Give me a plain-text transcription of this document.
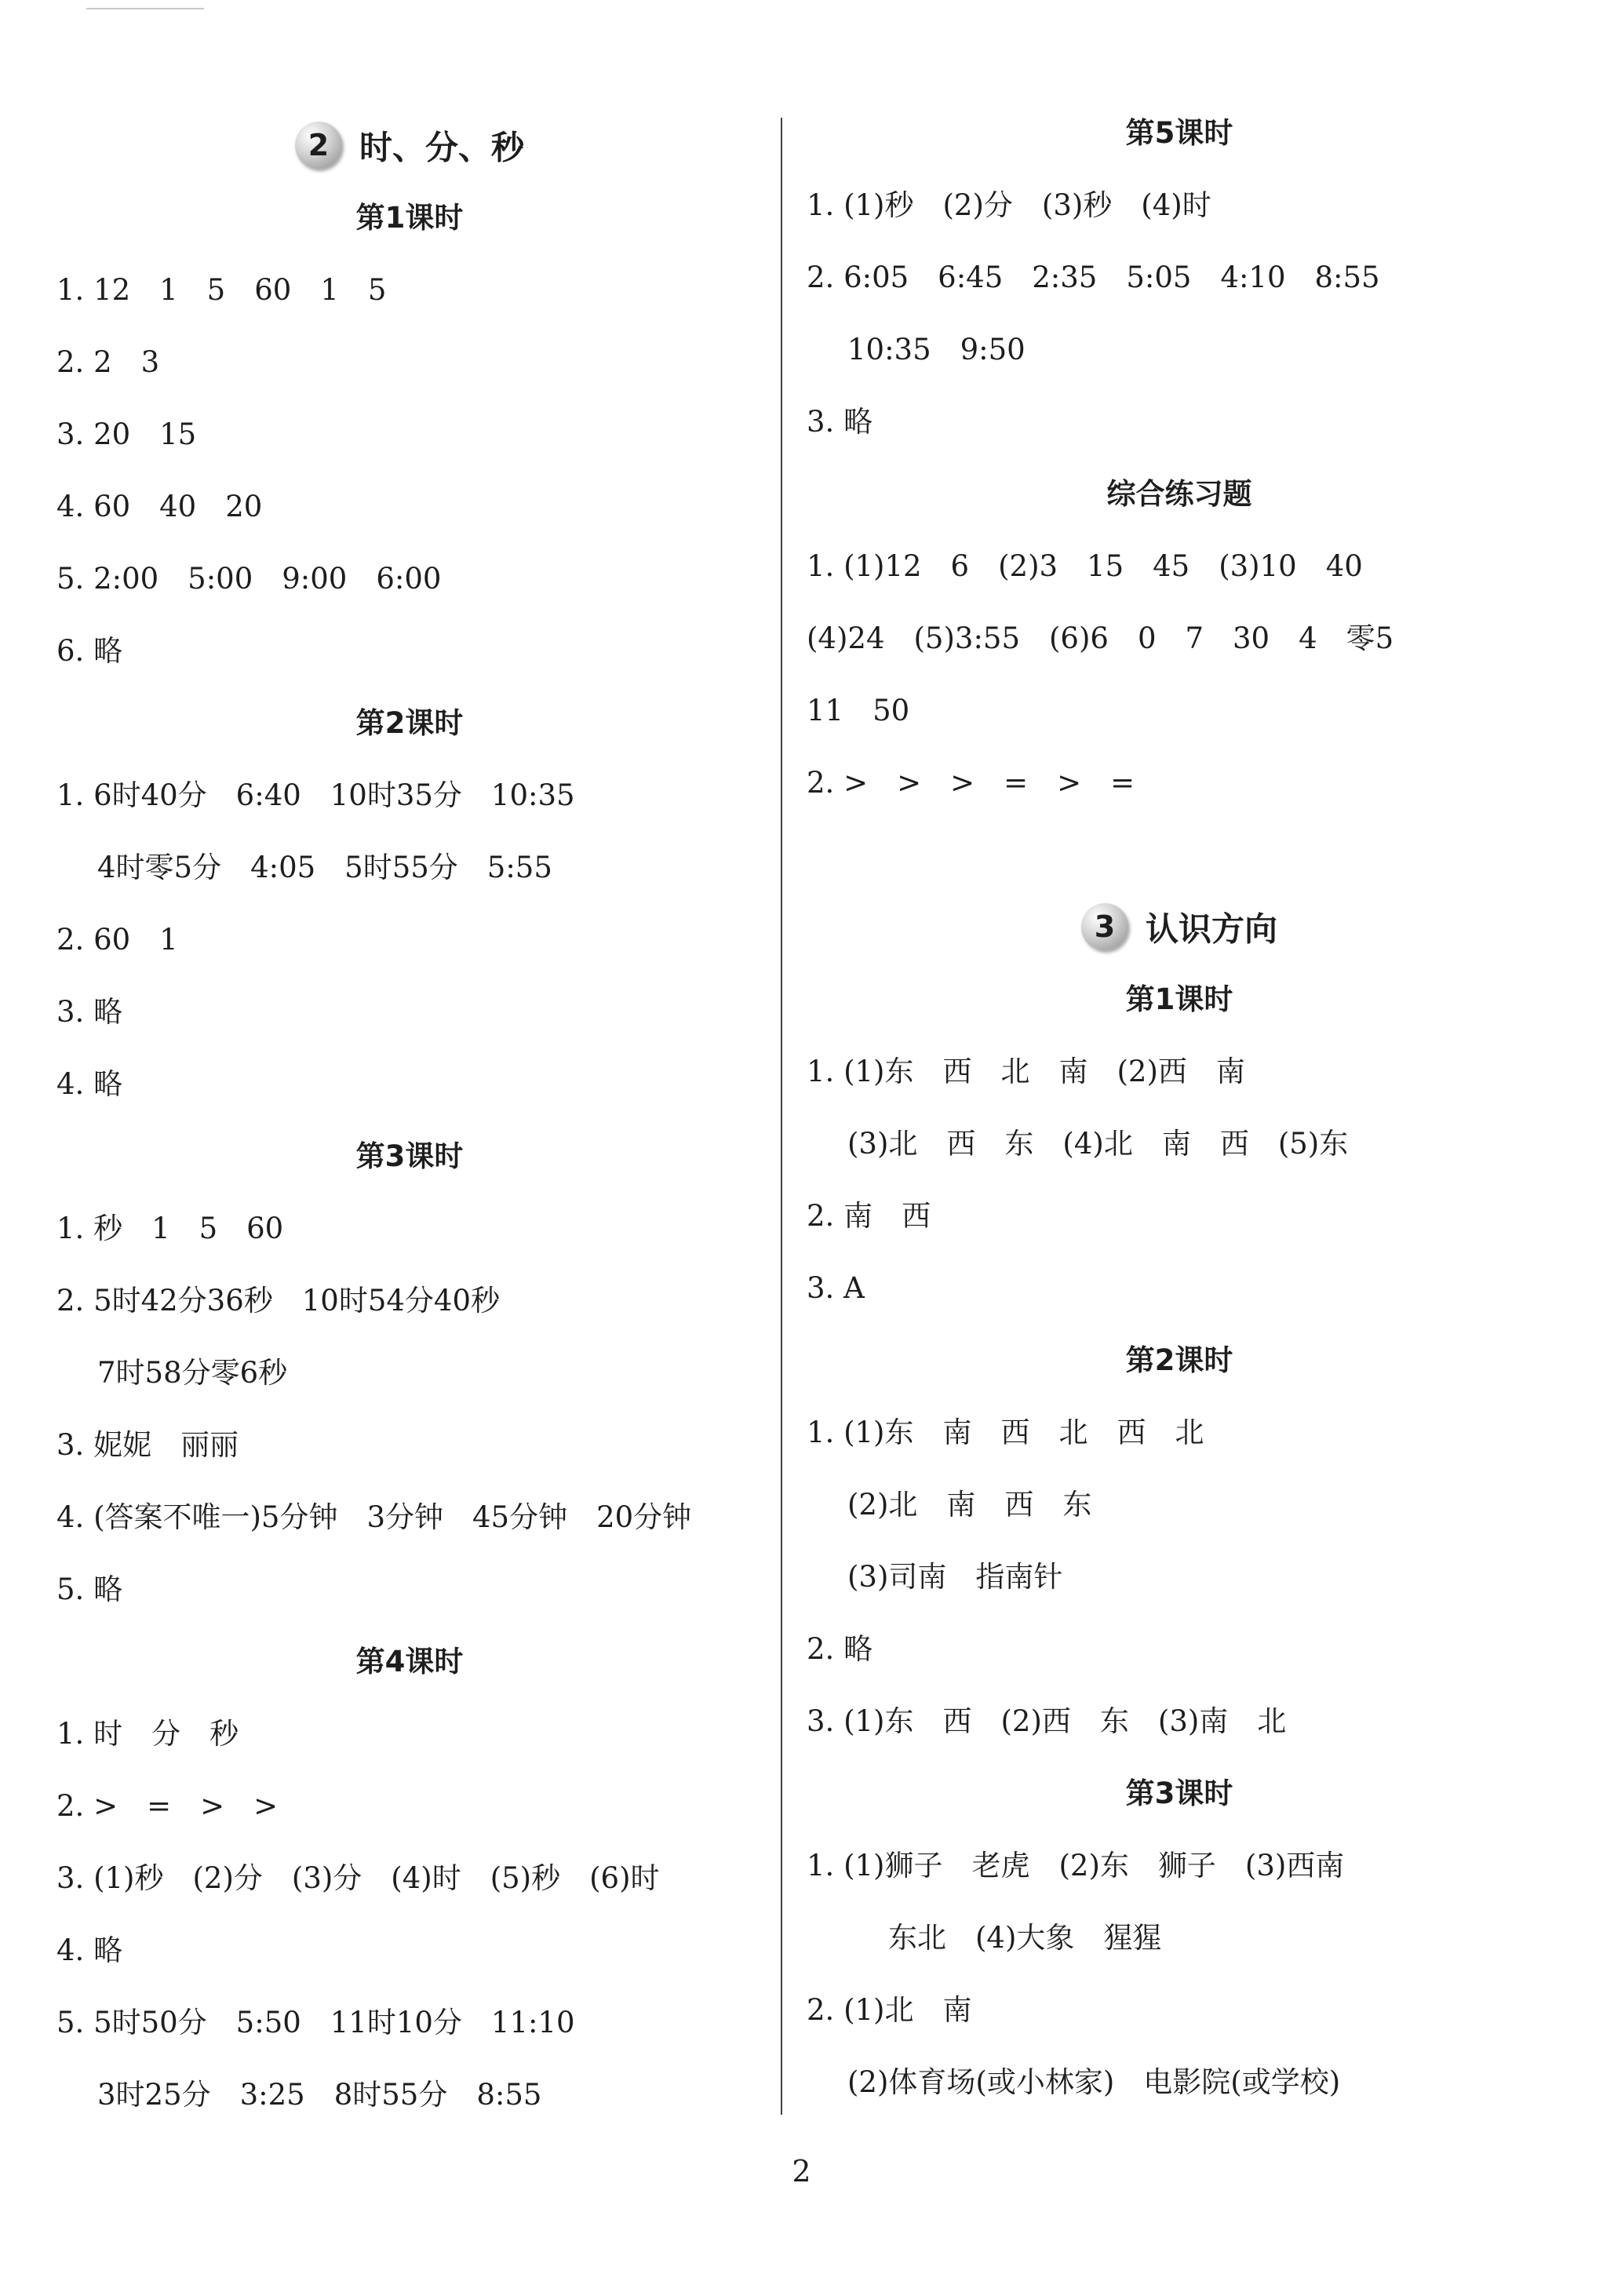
2 时、分、秒
第1课时
1. 12　1　5　60　1　5
2. 2　3
3. 20　15
4. 60　40　20
5. 2:00　5:00　9:00　6:00
6. 略
第2课时
1. 6时40分　6:40　10时35分　10:35
4时零5分　4:05　5时55分　5:55
2. 60　1
3. 略
4. 略
第3课时
1. 秒　1　5　60
2. 5时42分36秒　10时54分40秒
7时58分零6秒
3. 妮妮　丽丽
4. (答案不唯一)5分钟　3分钟　45分钟　20分钟
5. 略
第4课时
1. 时　分　秒
2. >　=　>　>
3. (1)秒　(2)分　(3)分　(4)时　(5)秒　(6)时
4. 略
5. 5时50分　5:50　11时10分　11:10
3时25分　3:25　8时55分　8:55
第5课时
1. (1)秒　(2)分　(3)秒　(4)时
2. 6:05　6:45　2:35　5:05　4:10　8:55
10:35　9:50
3. 略
综合练习题
1. (1)12　6　(2)3　15　45　(3)10　40
(4)24　(5)3:55　(6)6　0　7　30　4　零5
11　50
2. >　>　>　=　>　=
3 认识方向
第1课时
1. (1)东　西　北　南　(2)西　南
(3)北　西　东　(4)北　南　西　(5)东
2. 南　西
3. A
第2课时
1. (1)东　南　西　北　西　北
(2)北　南　西　东
(3)司南　指南针
2. 略
3. (1)东　西　(2)西　东　(3)南　北
第3课时
1. (1)狮子　老虎　(2)东　狮子　(3)西南
东北　(4)大象　猩猩
2. (1)北　南
(2)体育场(或小林家)　电影院(或学校)
2
